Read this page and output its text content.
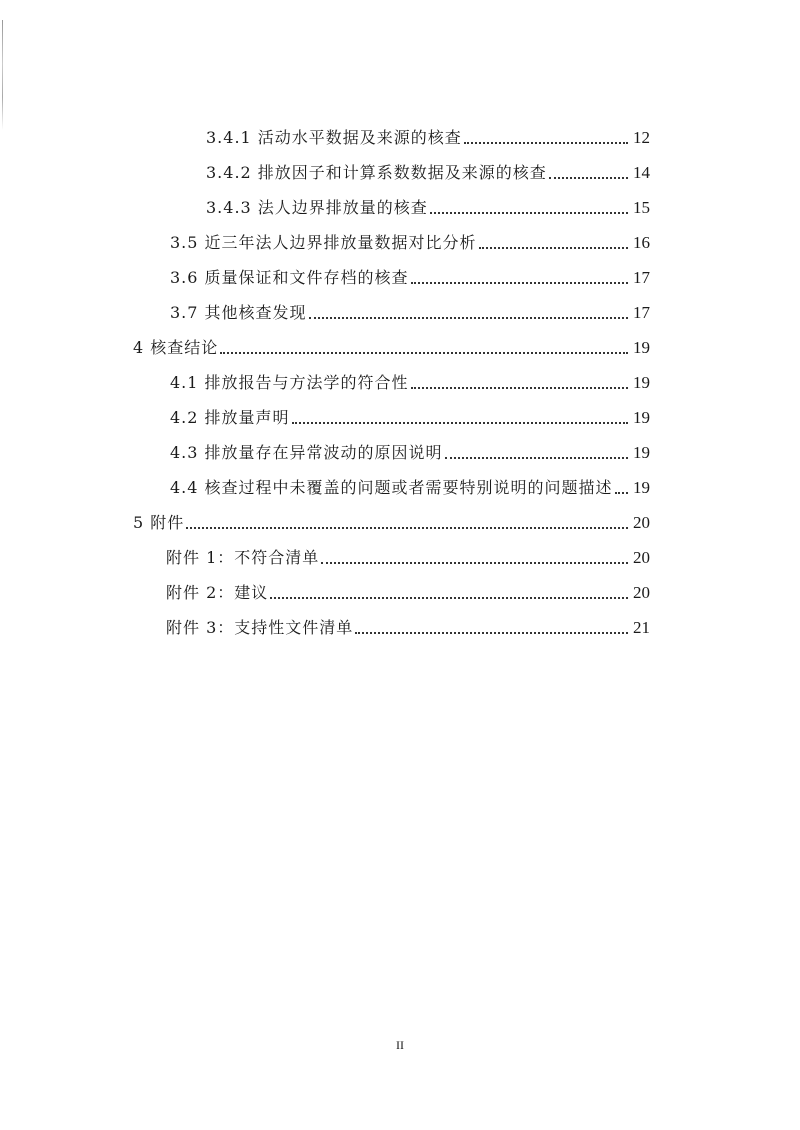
3.4.1 活动水平数据及来源的核查	12
3.4.2 排放因子和计算系数数据及来源的核查	14
3.4.3 法人边界排放量的核查	15
3.5 近三年法人边界排放量数据对比分析	16
3.6 质量保证和文件存档的核查	17
3.7 其他核查发现	17
4 核查结论	19
4.1 排放报告与方法学的符合性	19
4.2 排放量声明	19
4.3 排放量存在异常波动的原因说明	19
4.4 核查过程中未覆盖的问题或者需要特别说明的问题描述 19
5 附件	20
附件 1：不符合清单	20
附件 2：建议	20
附件 3：支持性文件清单	21
II
